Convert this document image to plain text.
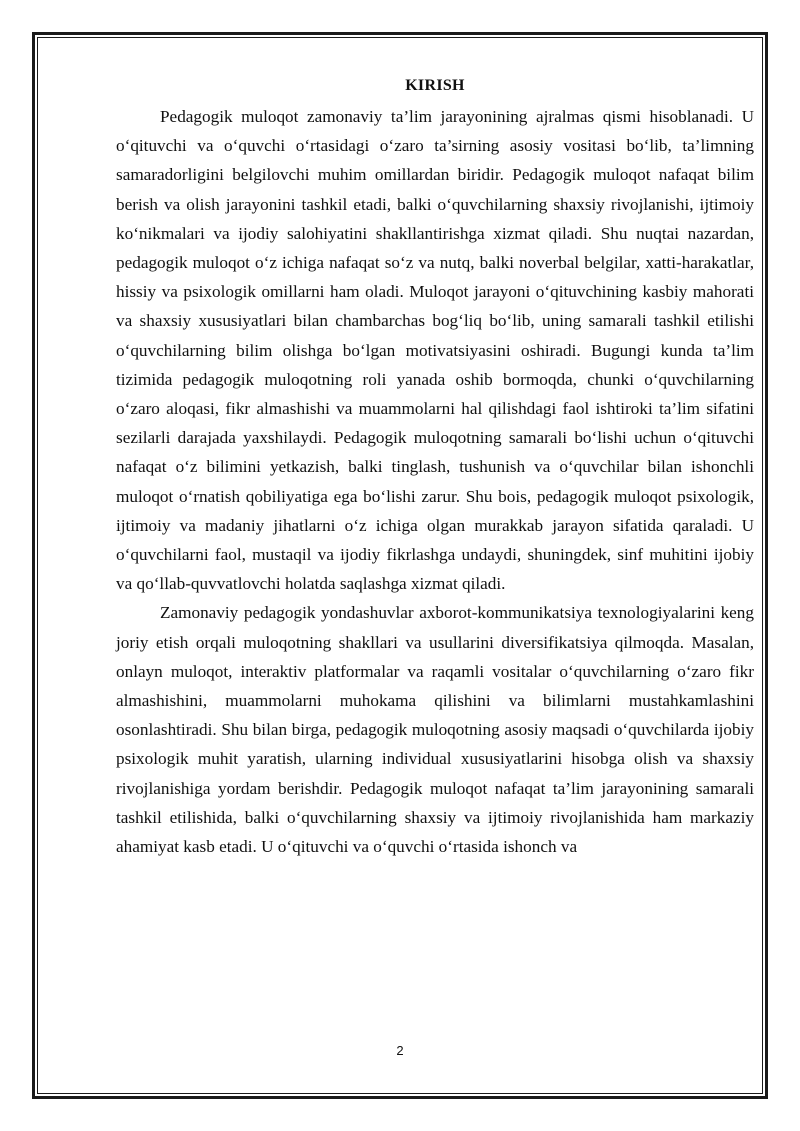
KIRISH

Pedagogik muloqot zamonaviy ta’lim jarayonining ajralmas qismi hisoblanadi. U o‘qituvchi va o‘quvchi o‘rtasidagi o‘zaro ta’sirning asosiy vositasi bo‘lib, ta’limning samaradorligini belgilovchi muhim omillardan biridir. Pedagogik muloqot nafaqat bilim berish va olish jarayonini tashkil etadi, balki o‘quvchilarning shaxsiy rivojlanishi, ijtimoiy ko‘nikmalari va ijodiy salohiyatini shakllantirishga xizmat qiladi. Shu nuqtai nazardan, pedagogik muloqot o‘z ichiga nafaqat so‘z va nutq, balki noverbal belgilar, xatti-harakatlar, hissiy va psixologik omillarni ham oladi. Muloqot jarayoni o‘qituvchining kasbiy mahorati va shaxsiy xususiyatlari bilan chambarchas bog‘liq bo‘lib, uning samarali tashkil etilishi o‘quvchilarning bilim olishga bo‘lgan motivatsiyasini oshiradi. Bugungi kunda ta’lim tizimida pedagogik muloqotning roli yanada oshib bormoqda, chunki o‘quvchilarning o‘zaro aloqasi, fikr almashishi va muammolarni hal qilishdagi faol ishtiroki ta’lim sifatini sezilarli darajada yaxshilaydi. Pedagogik muloqotning samarali bo‘lishi uchun o‘qituvchi nafaqat o‘z bilimini yetkazish, balki tinglash, tushunish va o‘quvchilar bilan ishonchli muloqot o‘rnatish qobiliyatiga ega bo‘lishi zarur. Shu bois, pedagogik muloqot psixologik, ijtimoiy va madaniy jihatlarni o‘z ichiga olgan murakkab jarayon sifatida qaraladi. U o‘quvchilarni faol, mustaqil va ijodiy fikrlashga undaydi, shuningdek, sinf muhitini ijobiy va qo‘llab-quvvatlovchi holatda saqlashga xizmat qiladi.

Zamonaviy pedagogik yondashuvlar axborot-kommunikatsiya texnologiyalarini keng joriy etish orqali muloqotning shakllari va usullarini diversifikatsiya qilmoqda. Masalan, onlayn muloqot, interaktiv platformalar va raqamli vositalar o‘quvchilarning o‘zaro fikr almashishini, muammolarni muhokama qilishini va bilimlarni mustahkamlashini osonlashtiradi. Shu bilan birga, pedagogik muloqotning asosiy maqsadi o‘quvchilarda ijobiy psixologik muhit yaratish, ularning individual xususiyatlarini hisobga olish va shaxsiy rivojlanishiga yordam berishdir. Pedagogik muloqot nafaqat ta’lim jarayonining samarali tashkil etilishida, balki o‘quvchilarning shaxsiy va ijtimoiy rivojlanishida ham markaziy ahamiyat kasb etadi. U o‘qituvchi va o‘quvchi o‘rtasida ishonch va

2
